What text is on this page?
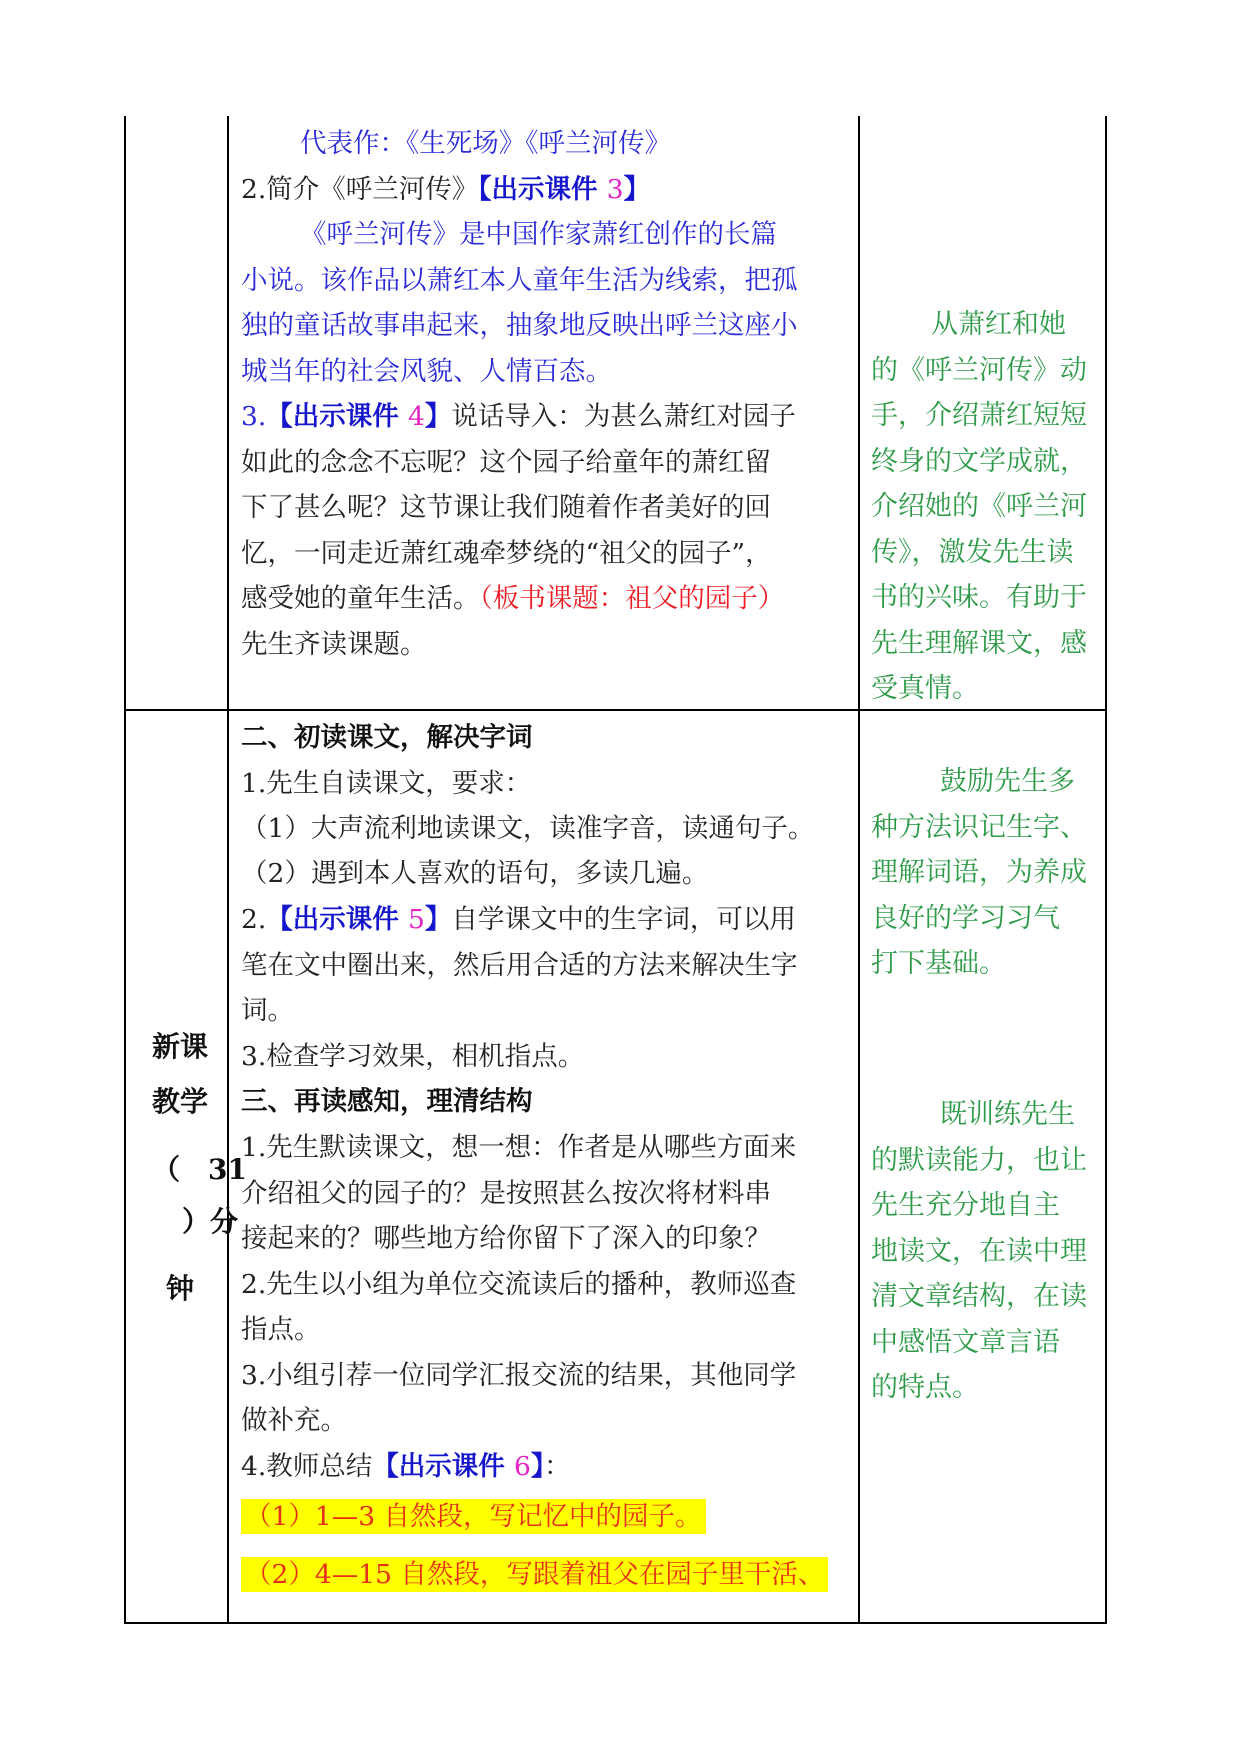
代表作：《生死场》《呼兰河传》
2.简介《呼兰河传》【出示课件 3】
《呼兰河传》是中国作家萧红创作的长篇
小说。该作品以萧红本人童年生活为线索，把孤
独的童话故事串起来，抽象地反映出呼兰这座小
城当年的社会风貌、人情百态。
3.【出示课件 4】说话导入：为甚么萧红对园子
如此的念念不忘呢？这个园子给童年的萧红留
下了甚么呢？这节课让我们随着作者美好的回
忆，一同走近萧红魂牵梦绕的“祖父的园子”，
感受她的童年生活。（板书课题：祖父的园子）
先生齐读课题。
从萧红和她
的《呼兰河传》动
手，介绍萧红短短
终身的文学成就，
介绍她的《呼兰河
传》，激发先生读
书的兴味。有助于
先生理解课文，感
受真情。
新课
教学
（　31
）分
钟
二、初读课文，解决字词
1.先生自读课文，要求：
（1）大声流利地读课文，读准字音，读通句子。
（2）遇到本人喜欢的语句，多读几遍。
2.【出示课件 5】自学课文中的生字词，可以用
笔在文中圈出来，然后用合适的方法来解决生字
词。
3.检查学习效果，相机指点。
三、再读感知，理清结构
1.先生默读课文，想一想：作者是从哪些方面来
介绍祖父的园子的？是按照甚么按次将材料串
接起来的？哪些地方给你留下了深入的印象？
2.先生以小组为单位交流读后的播种，教师巡查
指点。
3.小组引荐一位同学汇报交流的结果，其他同学
做补充。
4.教师总结【出示课件 6】：
（1）1—3 自然段，写记忆中的园子。
（2）4—15 自然段，写跟着祖父在园子里干活、
鼓励先生多
种方法识记生字、
理解词语，为养成
良好的学习习气
打下基础。
既训练先生
的默读能力，也让
先生充分地自主
地读文，在读中理
清文章结构，在读
中感悟文章言语
的特点。
